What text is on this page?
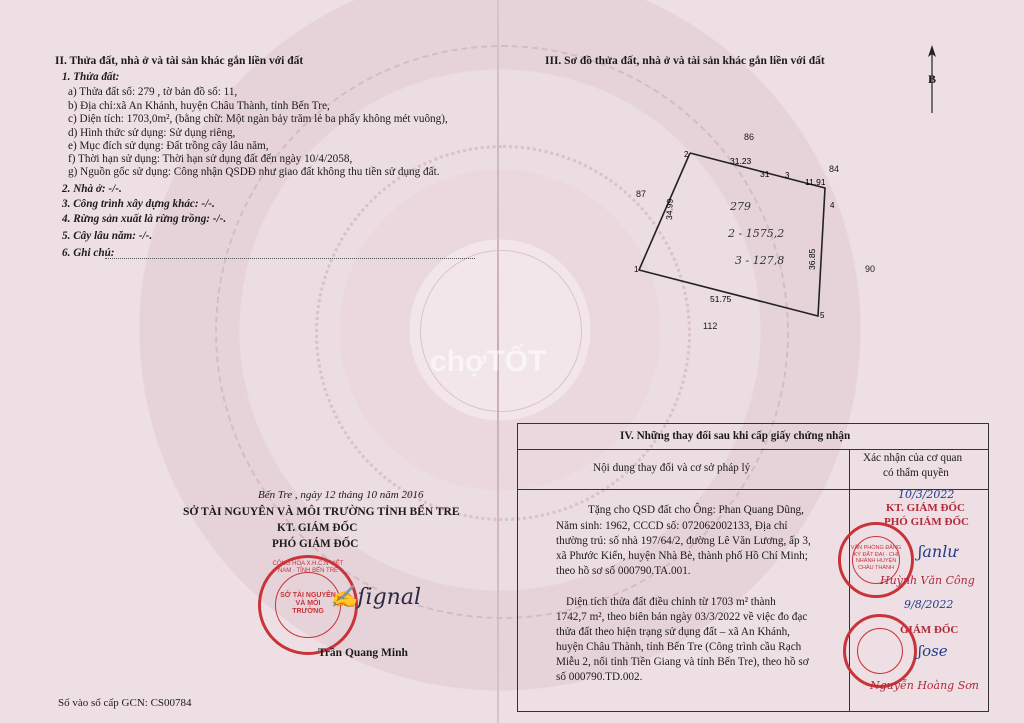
II. Thửa đất, nhà ở và tài sản khác gắn liền với đất
1. Thửa đất:
a) Thửa đất số: 279 , tờ bản đồ số: 11,
b) Địa chỉ:xã An Khánh, huyện Châu Thành, tỉnh Bến Tre,
c) Diện tích: 1703,0m², (bằng chữ: Một ngàn bảy trăm lẻ ba phẩy không mét vuông),
d) Hình thức sử dụng: Sử dụng riêng,
e) Mục đích sử dụng: Đất trồng cây lâu năm,
f) Thời hạn sử dụng: Thời hạn sử dụng đất đến ngày 10/4/2058,
g) Nguồn gốc sử dụng: Công nhận QSDĐ như giao đất không thu tiền sử dụng đất.
2. Nhà ở: -/-.
3. Công trình xây dựng khác: -/-.
4. Rừng sản xuất là rừng trồng: -/-.
5. Cây lâu năm: -/-.
6. Ghi chú:
Bến Tre , ngày 12 tháng 10 năm 2016
SỞ TÀI NGUYÊN VÀ MÔI TRƯỜNG TỈNH BẾN TRE
KT. GIÁM ĐỐC
PHÓ GIÁM ĐỐC
CỘNG HÒA X.H.C.N VIỆT NAM · TỈNH BẾN TRE
SỞ TÀI NGUYÊN VÀ MÔI TRƯỜNG
✍ſignal
Trần Quang Minh
Số vào sổ cấp GCN: CS00784
III. Sơ đồ thửa đất, nhà ở và tài sản khác gắn liền với đất
B
2
4
5
1
3
31.23
11.91
31
34.99
36.85
51.75
279
2 - 1575,2
3 - 127,8
86
84
87
90
112
chợTỐT
IV. Những thay đổi sau khi cấp giấy chứng nhận
Nội dung thay đổi và cơ sở pháp lý
Xác nhận của cơ quan
có thẩm quyền
Tặng cho QSD đất cho Ông: Phan Quang Dũng,
Năm sinh: 1962, CCCD số: 072062002133, Địa chỉ
thường trú: số nhà 197/64/2, đường Lê Văn Lương, ấp 3,
xã Phước Kiển, huyện Nhà Bè, thành phố Hồ Chí Minh;
theo hồ sơ số 000790.TA.001.
Diện tích thửa đất điều chỉnh từ 1703 m² thành
1742,7 m², theo biên bản ngày 03/3/2022 về việc đo đạc
thửa đất theo hiện trạng sử dụng đất – xã An Khánh,
huyện Châu Thành, tỉnh Bến Tre (Công trình cầu Rạch
Miễu 2, nối tỉnh Tiền Giang và tỉnh Bến Tre), theo hồ sơ
số 000790.TD.002.
10/3/2022
KT. GIÁM ĐỐC
PHÓ GIÁM ĐỐC
VĂN PHÒNG ĐĂNG KÝ ĐẤT ĐAI · CHI NHÁNH HUYỆN CHÂU THÀNH
ʃanlư
Huỳnh Văn Công
9/8/2022
GIÁM ĐỐC
ʃose
Nguyễn Hoàng Sơn
